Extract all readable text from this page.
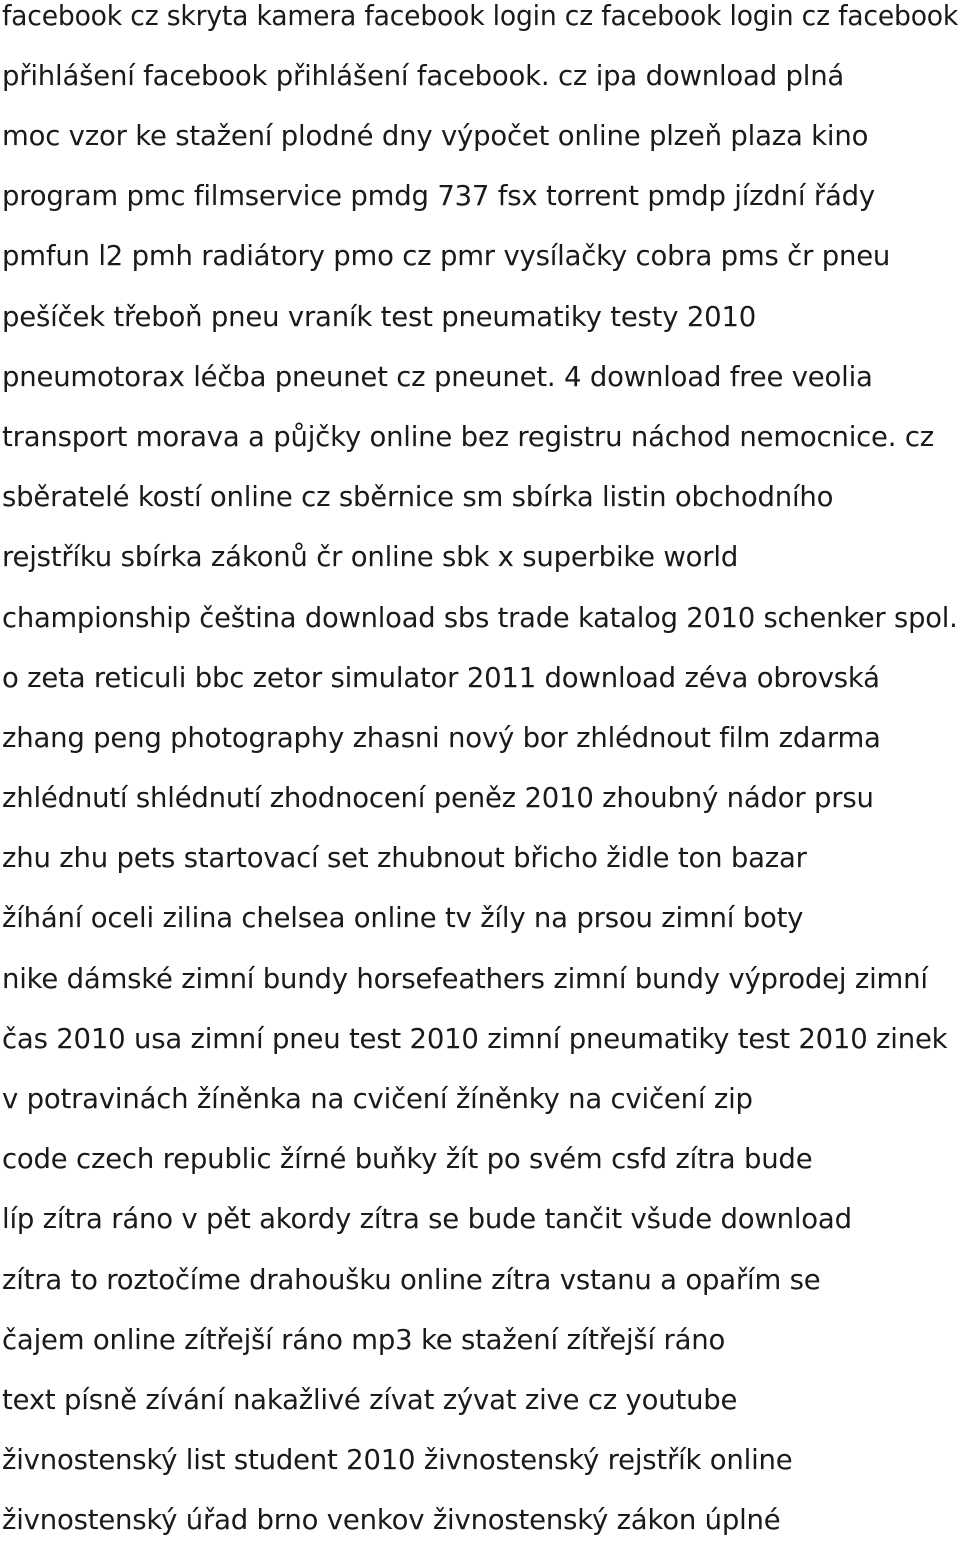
facebook cz skryta kamera facebook login cz facebook login cz facebook
přihlášení facebook přihlášení facebook. cz ipa download plná
moc vzor ke stažení plodné dny výpočet online plzeň plaza kino
program pmc filmservice pmdg 737 fsx torrent pmdp jízdní řády
pmfun l2 pmh radiátory pmo cz pmr vysílačky cobra pms čr pneu
pešíček třeboň pneu vraník test pneumatiky testy 2010
pneumotorax léčba pneunet cz pneunet. 4 download free veolia
transport morava a půjčky online bez registru náchod nemocnice. cz
sběratelé kostí online cz sběrnice sm sbírka listin obchodního
rejstříku sbírka zákonů čr online sbk x superbike world
championship čeština download sbs trade katalog 2010 schenker spol.
o zeta reticuli bbc zetor simulator 2011 download zéva obrovská
zhang peng photography zhasni nový bor zhlédnout film zdarma
zhlédnutí shlédnutí zhodnocení peněz 2010 zhoubný nádor prsu
zhu zhu pets startovací set zhubnout břicho židle ton bazar
žíhání oceli zilina chelsea online tv žíly na prsou zimní boty
nike dámské zimní bundy horsefeathers zimní bundy výprodej zimní
čas 2010 usa zimní pneu test 2010 zimní pneumatiky test 2010 zinek
v potravinách žíněnka na cvičení žíněnky na cvičení zip
code czech republic žírné buňky žít po svém csfd zítra bude
líp zítra ráno v pět akordy zítra se bude tančit všude download
zítra to roztočíme drahoušku online zítra vstanu a opařím se
čajem online zítřejší ráno mp3 ke stažení zítřejší ráno
text písně zívání nakažlivé zívat zývat zive cz youtube
živnostenský list student 2010 živnostenský rejstřík online
živnostenský úřad brno venkov živnostenský zákon úplné
